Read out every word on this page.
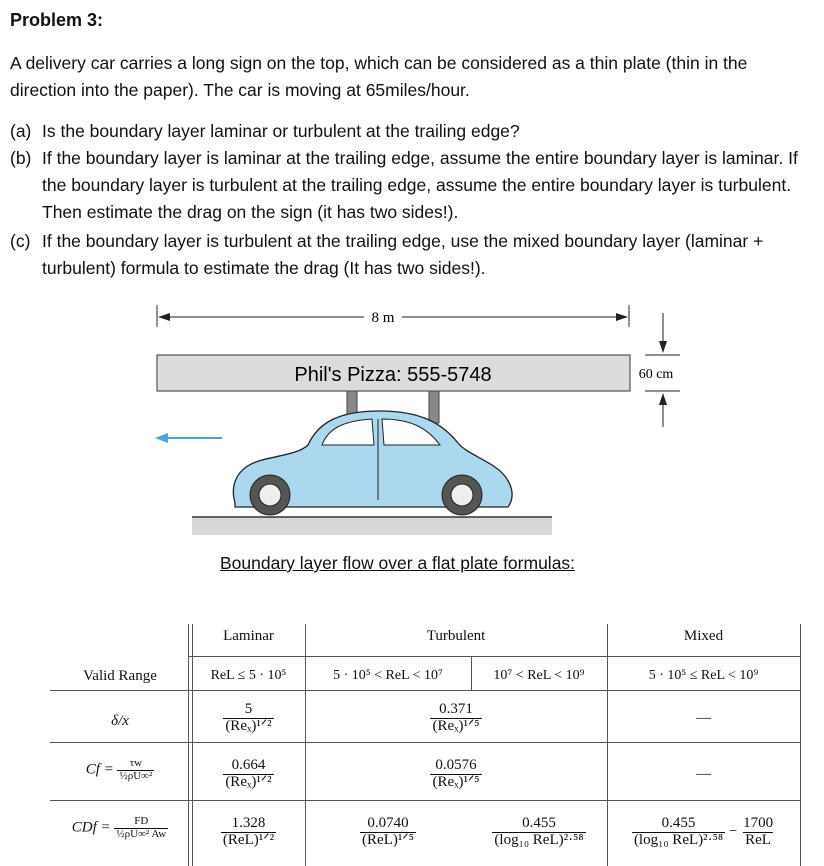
Problem 3:
A delivery car carries a long sign on the top, which can be considered as a thin plate (thin in the direction into the paper). The car is moving at 65miles/hour.
(a) Is the boundary layer laminar or turbulent at the trailing edge?
(b) If the boundary layer is laminar at the trailing edge, assume the entire boundary layer is laminar. If the boundary layer is turbulent at the trailing edge, assume the entire boundary layer is turbulent. Then estimate the drag on the sign (it has two sides!).
(c) If the boundary layer is turbulent at the trailing edge, use the mixed boundary layer (laminar + turbulent) formula to estimate the drag (It has two sides!).
8 m
60 cm
Phil's Pizza: 555-5748
Boundary layer flow over a flat plate formulas:
Laminar	Turbulent	Mixed
Valid Range	ReL ≤ 5 · 10⁵	5 · 10⁵ < ReL < 10⁷	10⁷ < ReL < 10⁹	5 · 10⁵ ≤ ReL < 10⁹
δ/x	$\frac{5}{\text{(Reₓ)¹ᐟ²}}$	$\frac{0.371}{\text{(Reₓ)¹ᐟ⁵}}$	—
$Cf = \frac{\tau w}{\text{½ρU∞²}}$	$\frac{0.664}{\text{(Reₓ)¹ᐟ²}}$	$\frac{0.0576}{\text{(Reₓ)¹ᐟ⁵}}$	—
CDf = $\frac{FD}{\text{½ρU∞² Aw}}$	$\frac{1.328}{\text{(ReL)¹ᐟ²}}$	$\frac{0.0740}{\text{(ReL)¹ᐟ⁵}}$	$\frac{0.455}{\text{(log₁₀ ReL)²·⁵⁸}}$	$\frac{0.455}{\text{(log₁₀ ReL)²·⁵⁸}} - \frac{1700}{\text{ReL}}$
